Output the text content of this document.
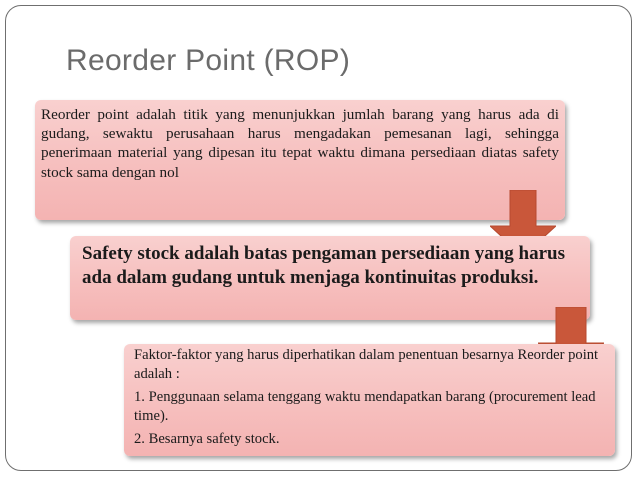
Reorder Point (ROP)
Reorder point adalah titik yang menunjukkan jumlah barang yang harus ada di gudang, sewaktu perusahaan harus mengadakan pemesanan lagi, sehingga penerimaan material yang dipesan itu tepat waktu dimana persediaan diatas safety stock sama dengan nol
Safety stock adalah batas pengaman persediaan yang harus ada dalam gudang untuk menjaga kontinuitas produksi.

Faktor-faktor yang harus diperhatikan dalam penentuan besarnya Reorder point adalah :

1. Penggunaan selama tenggang waktu mendapatkan barang (procurement lead time).

2. Besarnya safety stock.
